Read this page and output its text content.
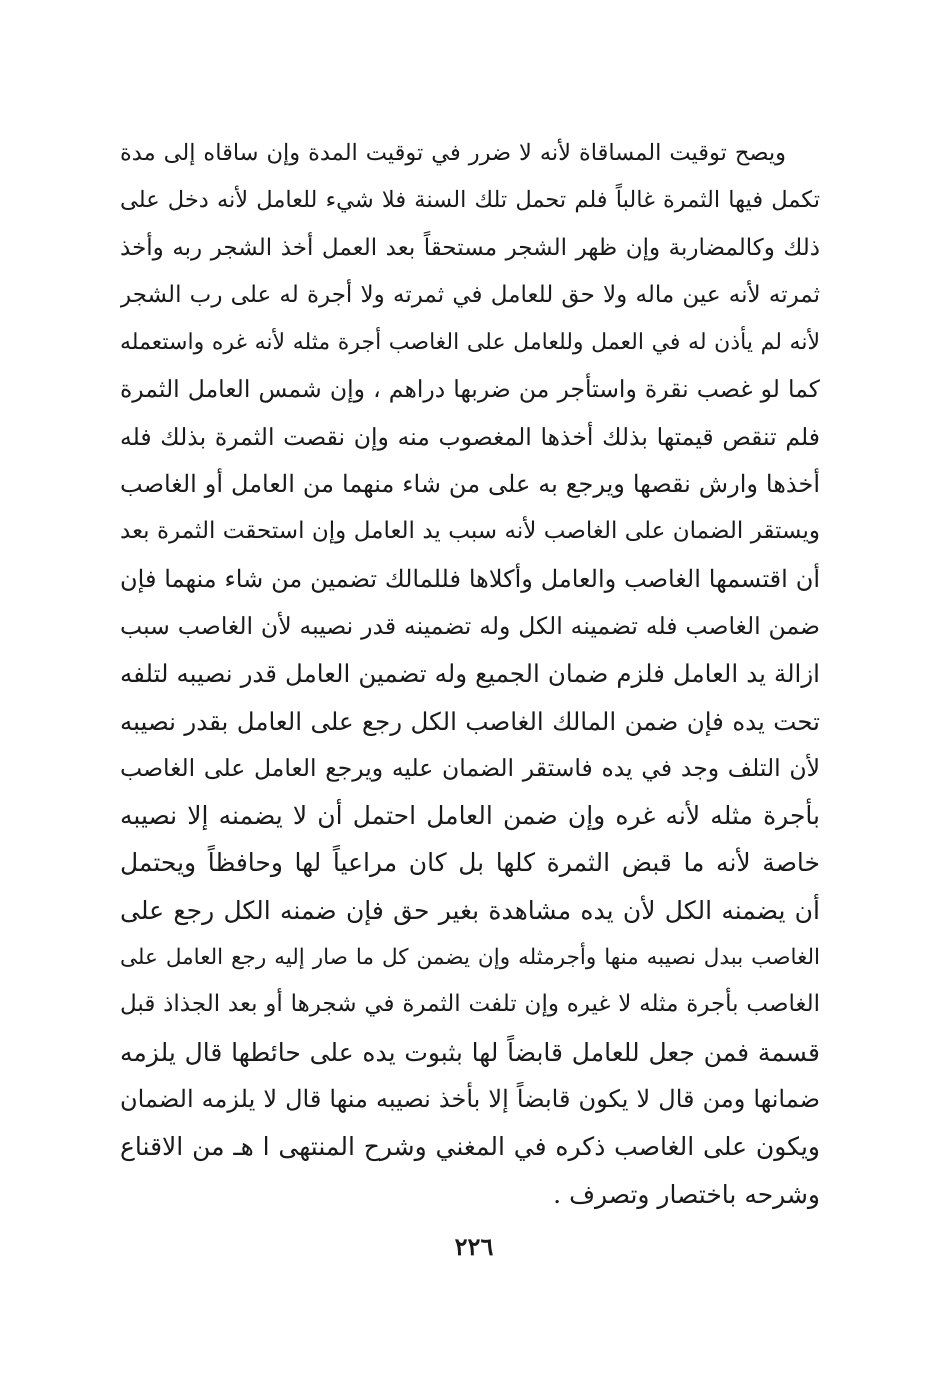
ويصح توقيت المساقاة لأنه لا ضرر في توقيت المدة وإن ساقاه إلى مدة
تكمل فيها الثمرة غالباً فلم تحمل تلك السنة فلا شيء للعامل لأنه دخل على
ذلك وكالمضاربة وإن ظهر الشجر مستحقاً بعد العمل أخذ الشجر ربه وأخذ
ثمرته لأنه عين ماله ولا حق للعامل في ثمرته ولا أجرة له على رب الشجر
لأنه لم يأذن له في العمل وللعامل على الغاصب أجرة مثله لأنه غره واستعمله
كما لو غصب نقرة واستأجر من ضربها دراهم ، وإن شمس العامل الثمرة
فلم تنقص قيمتها بذلك أخذها المغصوب منه وإن نقصت الثمرة بذلك فله
أخذها وارش نقصها ويرجع به على من شاء منهما من العامل أو الغاصب
ويستقر الضمان على الغاصب لأنه سبب يد العامل وإن استحقت الثمرة بعد
أن اقتسمها الغاصب والعامل وأكلاها فللمالك تضمين من شاء منهما فإن
ضمن الغاصب فله تضمينه الكل وله تضمينه قدر نصيبه لأن الغاصب سبب
ازالة يد العامل فلزم ضمان الجميع وله تضمين العامل قدر نصيبه لتلفه
تحت يده فإن ضمن المالك الغاصب الكل رجع على العامل بقدر نصيبه
لأن التلف وجد في يده فاستقر الضمان عليه ويرجع العامل على الغاصب
بأجرة مثله لأنه غره وإن ضمن العامل احتمل أن لا يضمنه إلا نصيبه
خاصة لأنه ما قبض الثمرة كلها بل كان مراعياً لها وحافظاً ويحتمل
أن يضمنه الكل لأن يده مشاهدة بغير حق فإن ضمنه الكل رجع على
الغاصب ببدل نصيبه منها وأجرمثله وإن يضمن كل ما صار إليه رجع العامل على
الغاصب بأجرة مثله لا غيره وإن تلفت الثمرة في شجرها أو بعد الجذاذ قبل
قسمة فمن جعل للعامل قابضاً لها بثبوت يده على حائطها قال يلزمه
ضمانها ومن قال لا يكون قابضاً إلا بأخذ نصيبه منها قال لا يلزمه الضمان
ويكون على الغاصب ذكره في المغني وشرح المنتهى ا هـ من الاقناع
وشرحه باختصار وتصرف .
٢٢٦
